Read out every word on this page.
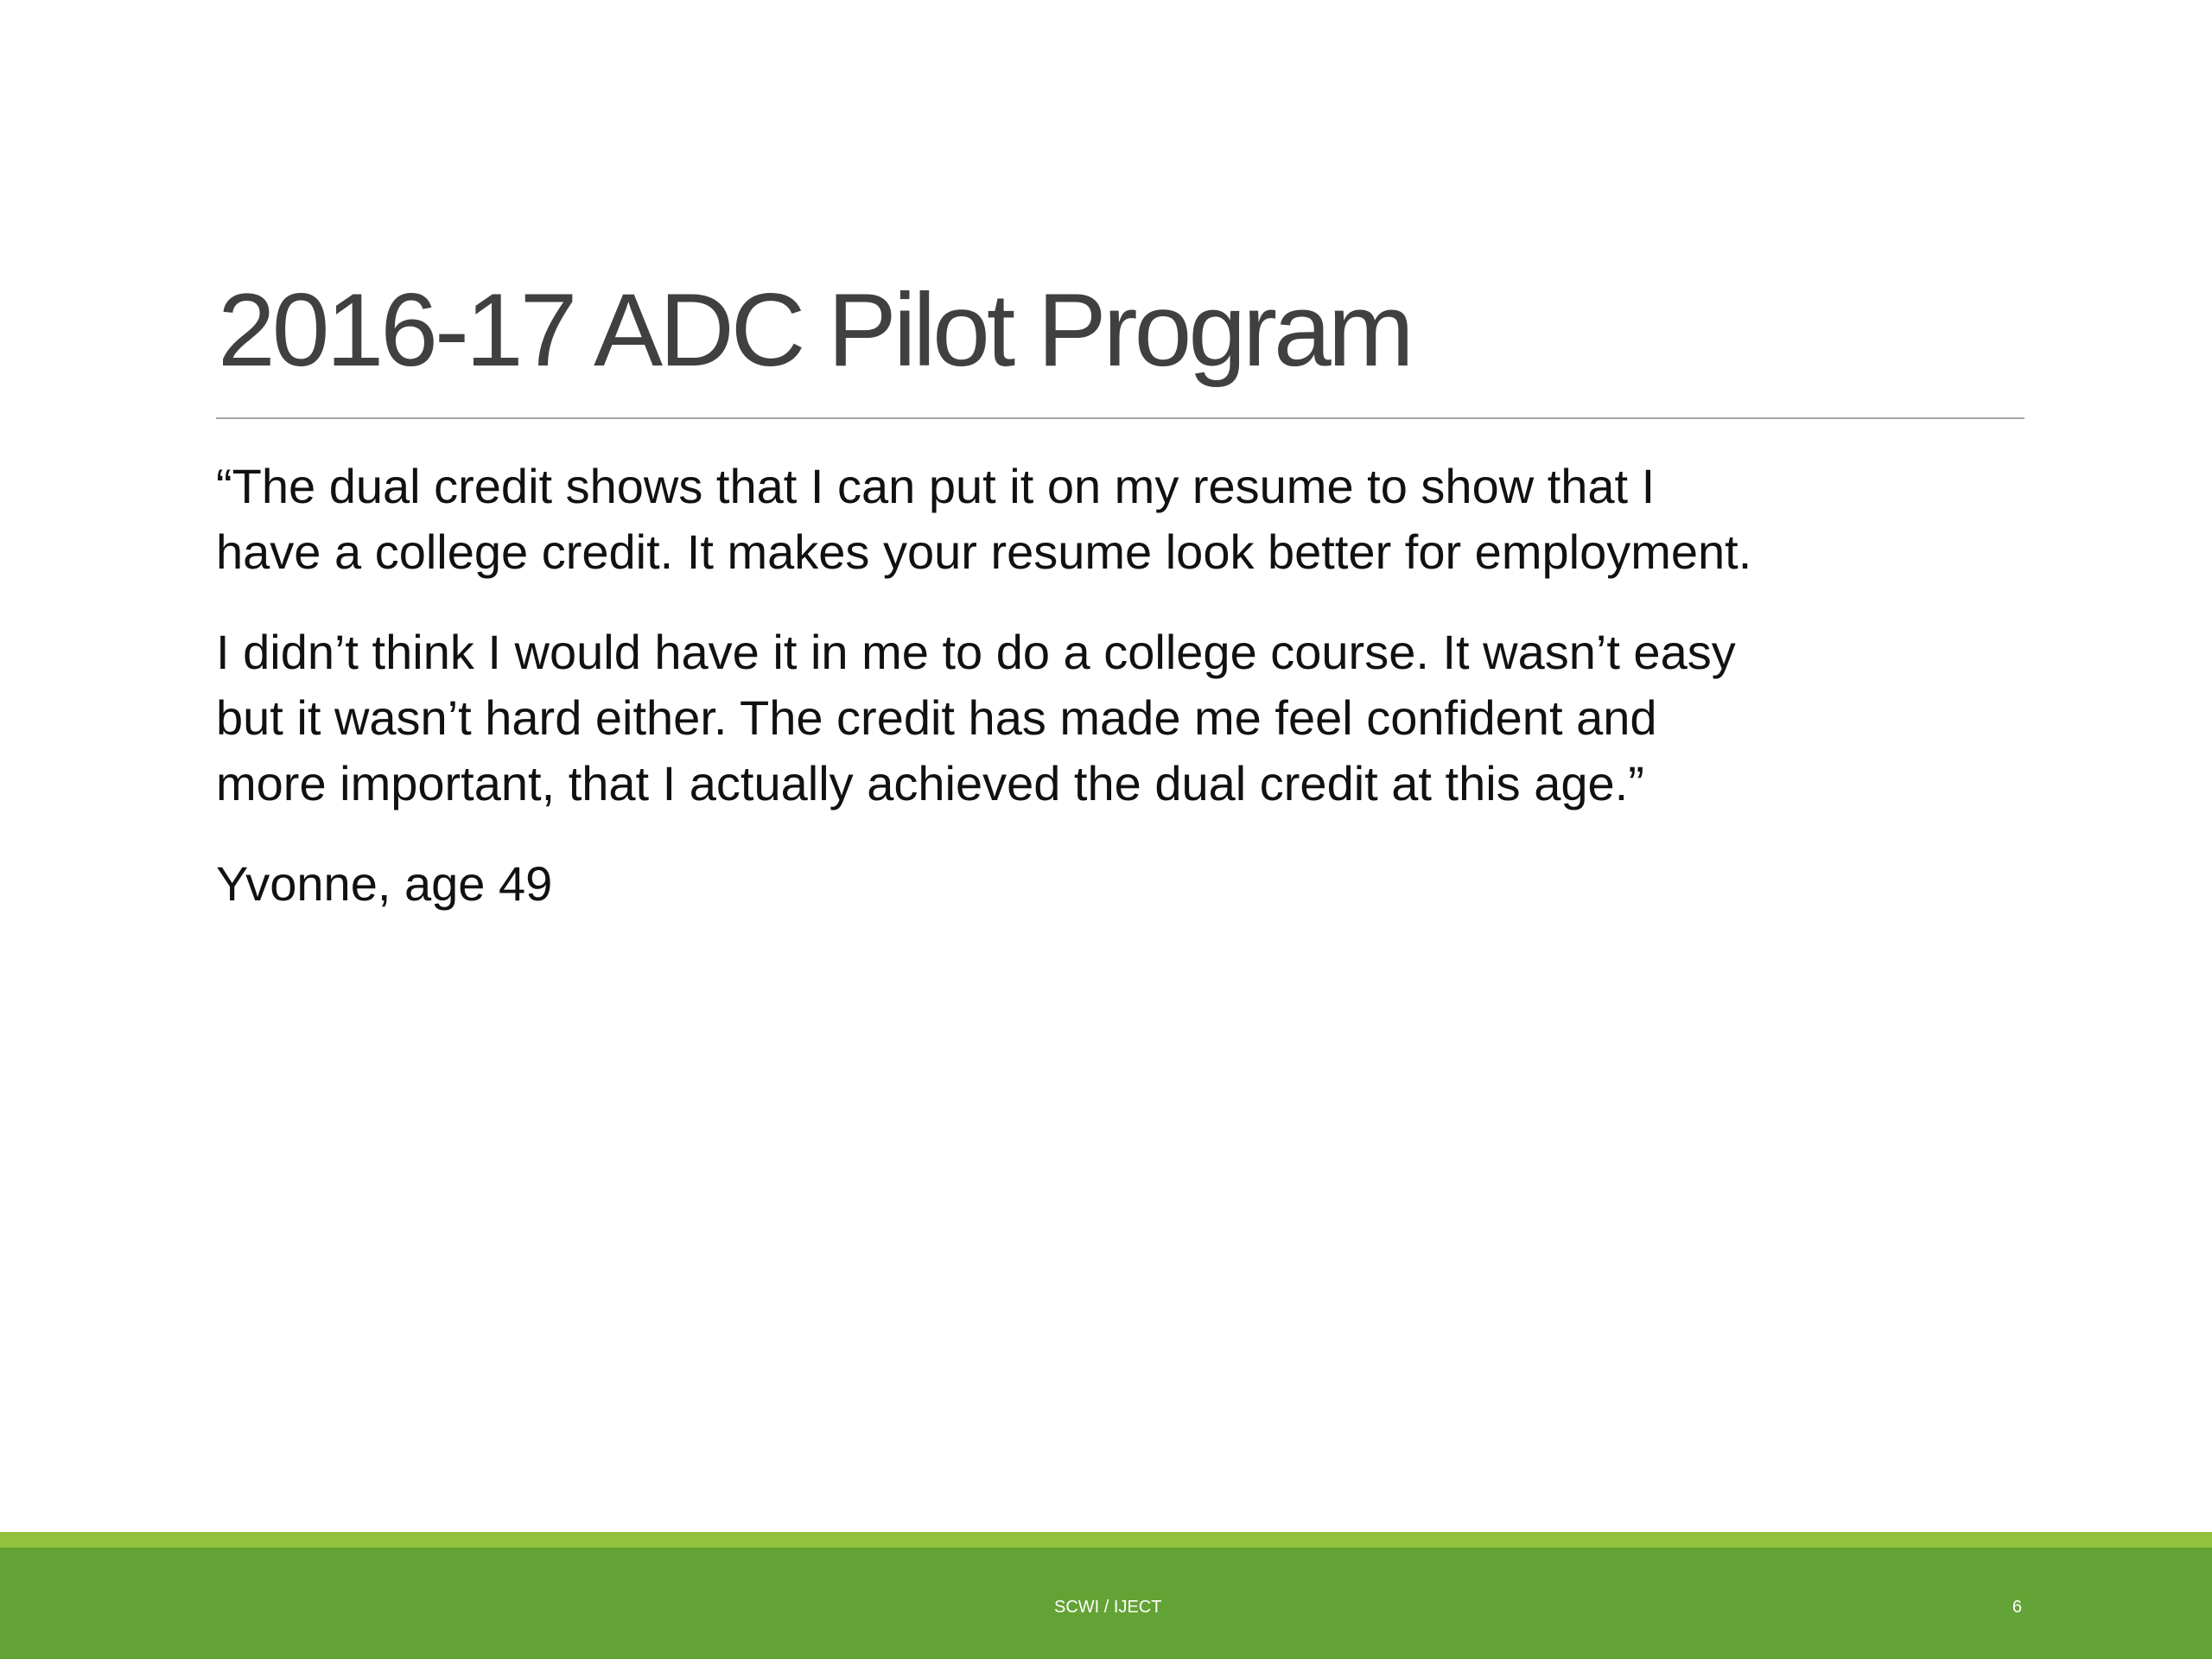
2016-17 ADC Pilot Program

“The dual credit shows that I can put it on my resume to show that I
have a college credit. It makes your resume look better for employment.

I didn’t think I would have it in me to do a college course. It wasn’t easy
but it wasn’t hard either. The credit has made me feel confident and
more important, that I actually achieved the dual credit at this age.”

Yvonne, age 49

SCWI / IJECT	6
